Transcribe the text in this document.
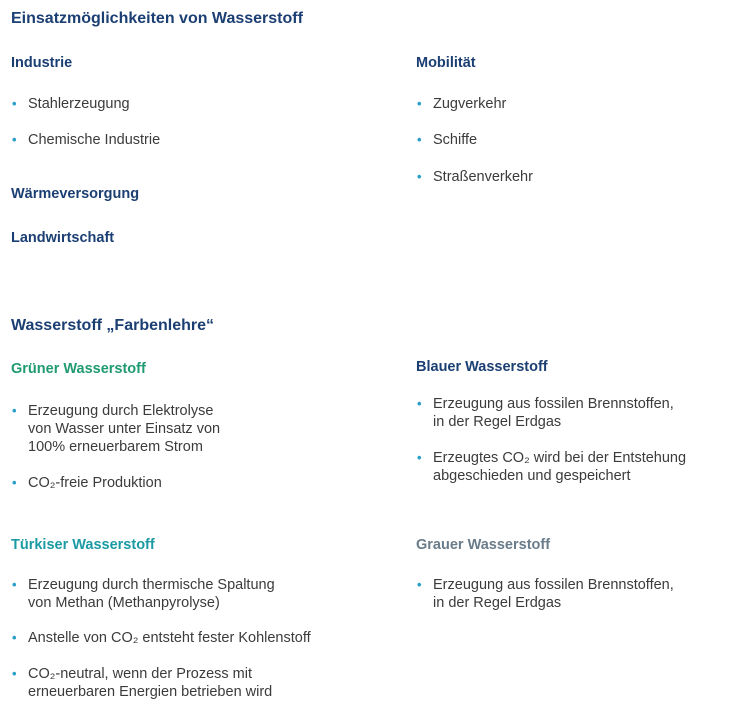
Einsatzmöglichkeiten von Wasserstoff
Industrie
• Stahlerzeugung
• Chemische Industrie
Wärmeversorgung
Landwirtschaft
Mobilität
• Zugverkehr
• Schiffe
• Straßenverkehr
Wasserstoff „Farbenlehre“
Grüner Wasserstoff
• Erzeugung durch Elektrolyse
von Wasser unter Einsatz von
100% erneuerbarem Strom
• CO₂-freie Produktion
Blauer Wasserstoff
• Erzeugung aus fossilen Brennstoffen,
in der Regel Erdgas
• Erzeugtes CO₂ wird bei der Entstehung
abgeschieden und gespeichert
Türkiser Wasserstoff
• Erzeugung durch thermische Spaltung
von Methan (Methanpyrolyse)
• Anstelle von CO₂ entsteht fester Kohlenstoff
• CO₂-neutral, wenn der Prozess mit
erneuerbaren Energien betrieben wird
Grauer Wasserstoff
• Erzeugung aus fossilen Brennstoffen,
in der Regel Erdgas
